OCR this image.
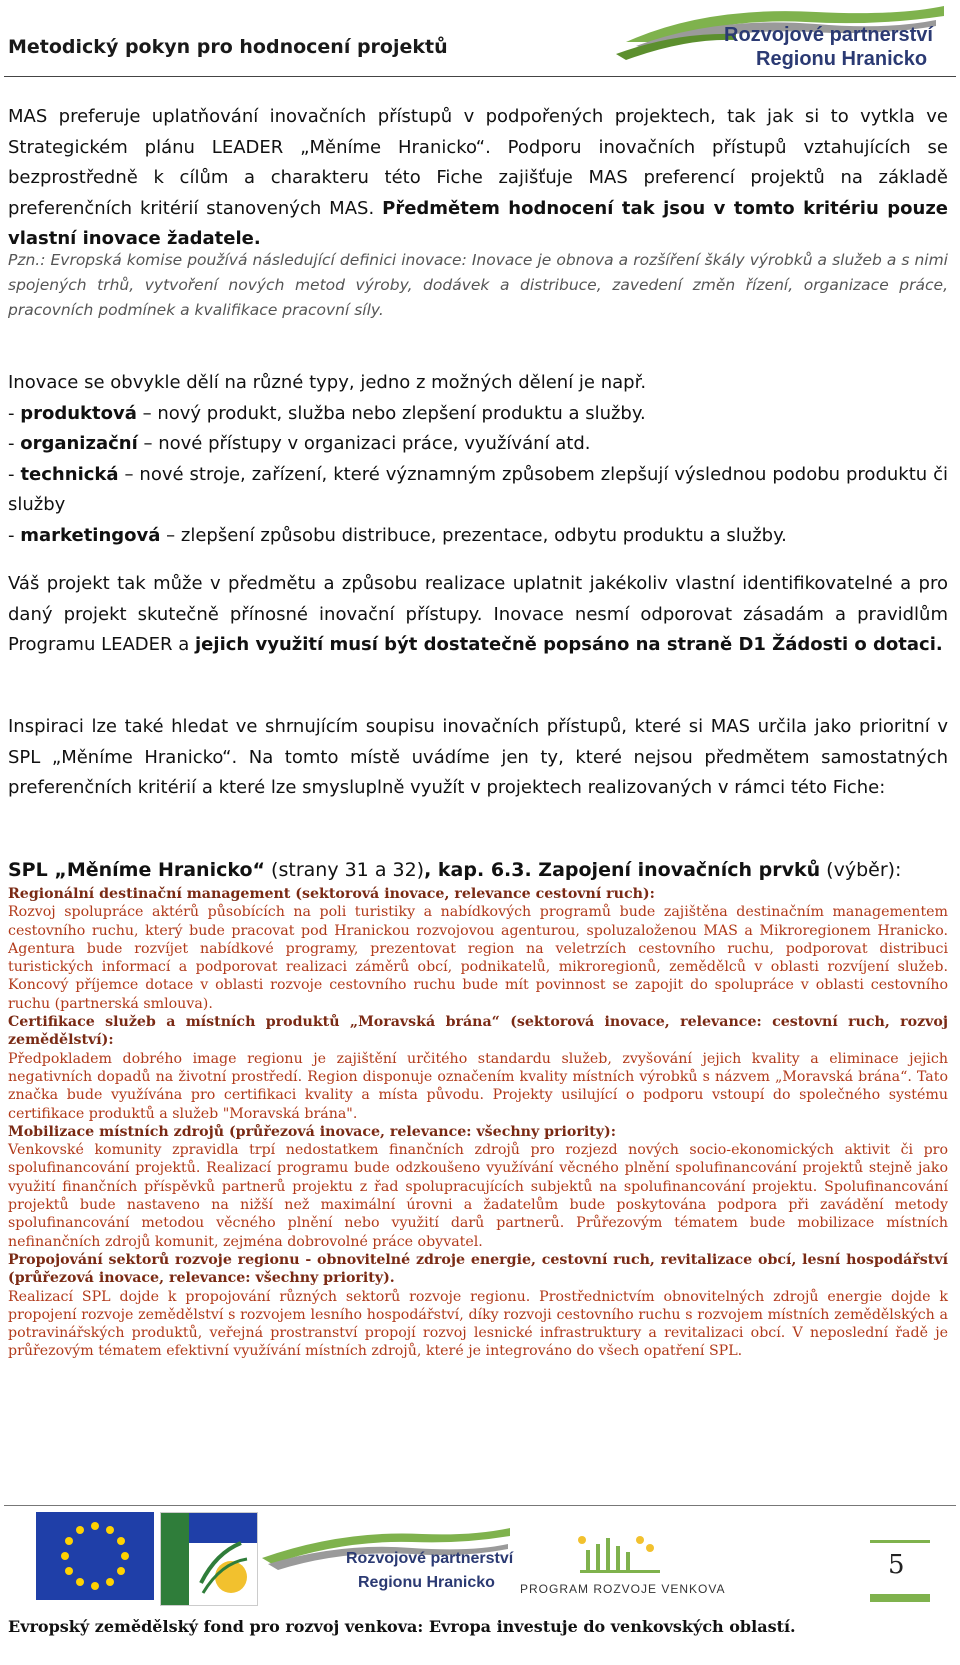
Metodický pokyn pro hodnocení projektů
Rozvojové partnerství
Regionu Hranicko

MAS preferuje uplatňování inovačních přístupů v podpořených projektech, tak jak si to vytkla ve Strategickém plánu LEADER „Měníme Hranicko“. Podporu inovačních přístupů vztahujících se bezprostředně k cílům a charakteru této Fiche zajišťuje MAS preferencí projektů na základě preferenčních kritérií stanovených MAS. Předmětem hodnocení tak jsou v tomto kritériu pouze vlastní inovace žadatele.

Pzn.: Evropská komise používá následující definici inovace: Inovace je obnova a rozšíření škály výrobků a služeb a s nimi spojených trhů, vytvoření nových metod výroby, dodávek a distribuce, zavedení změn řízení, organizace práce, pracovních podmínek a kvalifikace pracovní síly.

Inovace se obvykle dělí na různé typy, jedno z možných dělení je např.

- produktová – nový produkt, služba nebo zlepšení produktu a služby.

- organizační – nové přístupy v organizaci práce, využívání atd.

- technická – nové stroje, zařízení, které významným způsobem zlepšují výslednou podobu produktu či služby

- marketingová – zlepšení způsobu distribuce, prezentace, odbytu produktu a služby.

Váš projekt tak může v předmětu a způsobu realizace uplatnit jakékoliv vlastní identifikovatelné a pro daný projekt skutečně přínosné inovační přístupy. Inovace nesmí odporovat zásadám a pravidlům Programu LEADER a jejich využití musí být dostatečně popsáno na straně D1 Žádosti o dotaci.

Inspiraci lze také hledat ve shrnujícím soupisu inovačních přístupů, které si MAS určila jako prioritní v SPL „Měníme Hranicko“. Na tomto místě uvádíme jen ty, které nejsou předmětem samostatných preferenčních kritérií a které lze smysluplně využít v projektech realizovaných v rámci této Fiche:

SPL „Měníme Hranicko“ (strany 31 a 32), kap. 6.3. Zapojení inovačních prvků (výběr):

Regionální destinační management (sektorová inovace, relevance cestovní ruch):
Rozvoj spolupráce aktérů působících na poli turistiky a nabídkových programů bude zajištěna destinačním managementem cestovního ruchu, který bude pracovat pod Hranickou rozvojovou agenturou, spoluzaloženou MAS a Mikroregionem Hranicko. Agentura bude rozvíjet nabídkové programy, prezentovat region na veletrzích cestovního ruchu, podporovat distribuci turistických informací a podporovat realizaci záměrů obcí, podnikatelů, mikroregionů, zemědělců v oblasti rozvíjení služeb. Koncový příjemce dotace v oblasti rozvoje cestovního ruchu bude mít povinnost se zapojit do spolupráce v oblasti cestovního ruchu (partnerská smlouva).

Certifikace služeb a místních produktů „Moravská brána“ (sektorová inovace, relevance: cestovní ruch, rozvoj zemědělství):
Předpokladem dobrého image regionu je zajištění určitého standardu služeb, zvyšování jejich kvality a eliminace jejich negativních dopadů na životní prostředí. Region disponuje označením kvality místních výrobků s názvem „Moravská brána“. Tato značka bude využívána pro certifikaci kvality a místa původu. Projekty usilující o podporu vstoupí do společného systému certifikace produktů a služeb "Moravská brána".

Mobilizace místních zdrojů (průřezová inovace, relevance: všechny priority):
Venkovské komunity zpravidla trpí nedostatkem finančních zdrojů pro rozjezd nových socio-ekonomických aktivit či pro spolufinancování projektů. Realizací programu bude odzkoušeno využívání věcného plnění spolufinancování projektů stejně jako využití finančních příspěvků partnerů projektu z řad spolupracujících subjektů na spolufinancování projektu. Spolufinancování projektů bude nastaveno na nižší než maximální úrovni a žadatelům bude poskytována podpora při zavádění metody spolufinancování metodou věcného plnění nebo využití darů partnerů. Průřezovým tématem bude mobilizace místních nefinančních zdrojů komunit, zejména dobrovolné práce obyvatel.

Propojování sektorů rozvoje regionu - obnovitelné zdroje energie, cestovní ruch, revitalizace obcí, lesní hospodářství (průřezová inovace, relevance: všechny priority).
Realizací SPL dojde k propojování různých sektorů rozvoje regionu. Prostřednictvím obnovitelných zdrojů energie dojde k propojení rozvoje zemědělství s rozvojem lesního hospodářství, díky rozvoji cestovního ruchu s rozvojem místních zemědělských a potravinářských produktů, veřejná prostranství propojí rozvoj lesnické infrastruktury a revitalizaci obcí. V neposlední řadě je průřezovým tématem efektivní využívání místních zdrojů, které je integrováno do všech opatření SPL.

Rozvojové partnerství
Regionu Hranicko PROGRAM ROZVOJE VENKOVA
5
Evropský zemědělský fond pro rozvoj venkova: Evropa investuje do venkovských oblastí.
